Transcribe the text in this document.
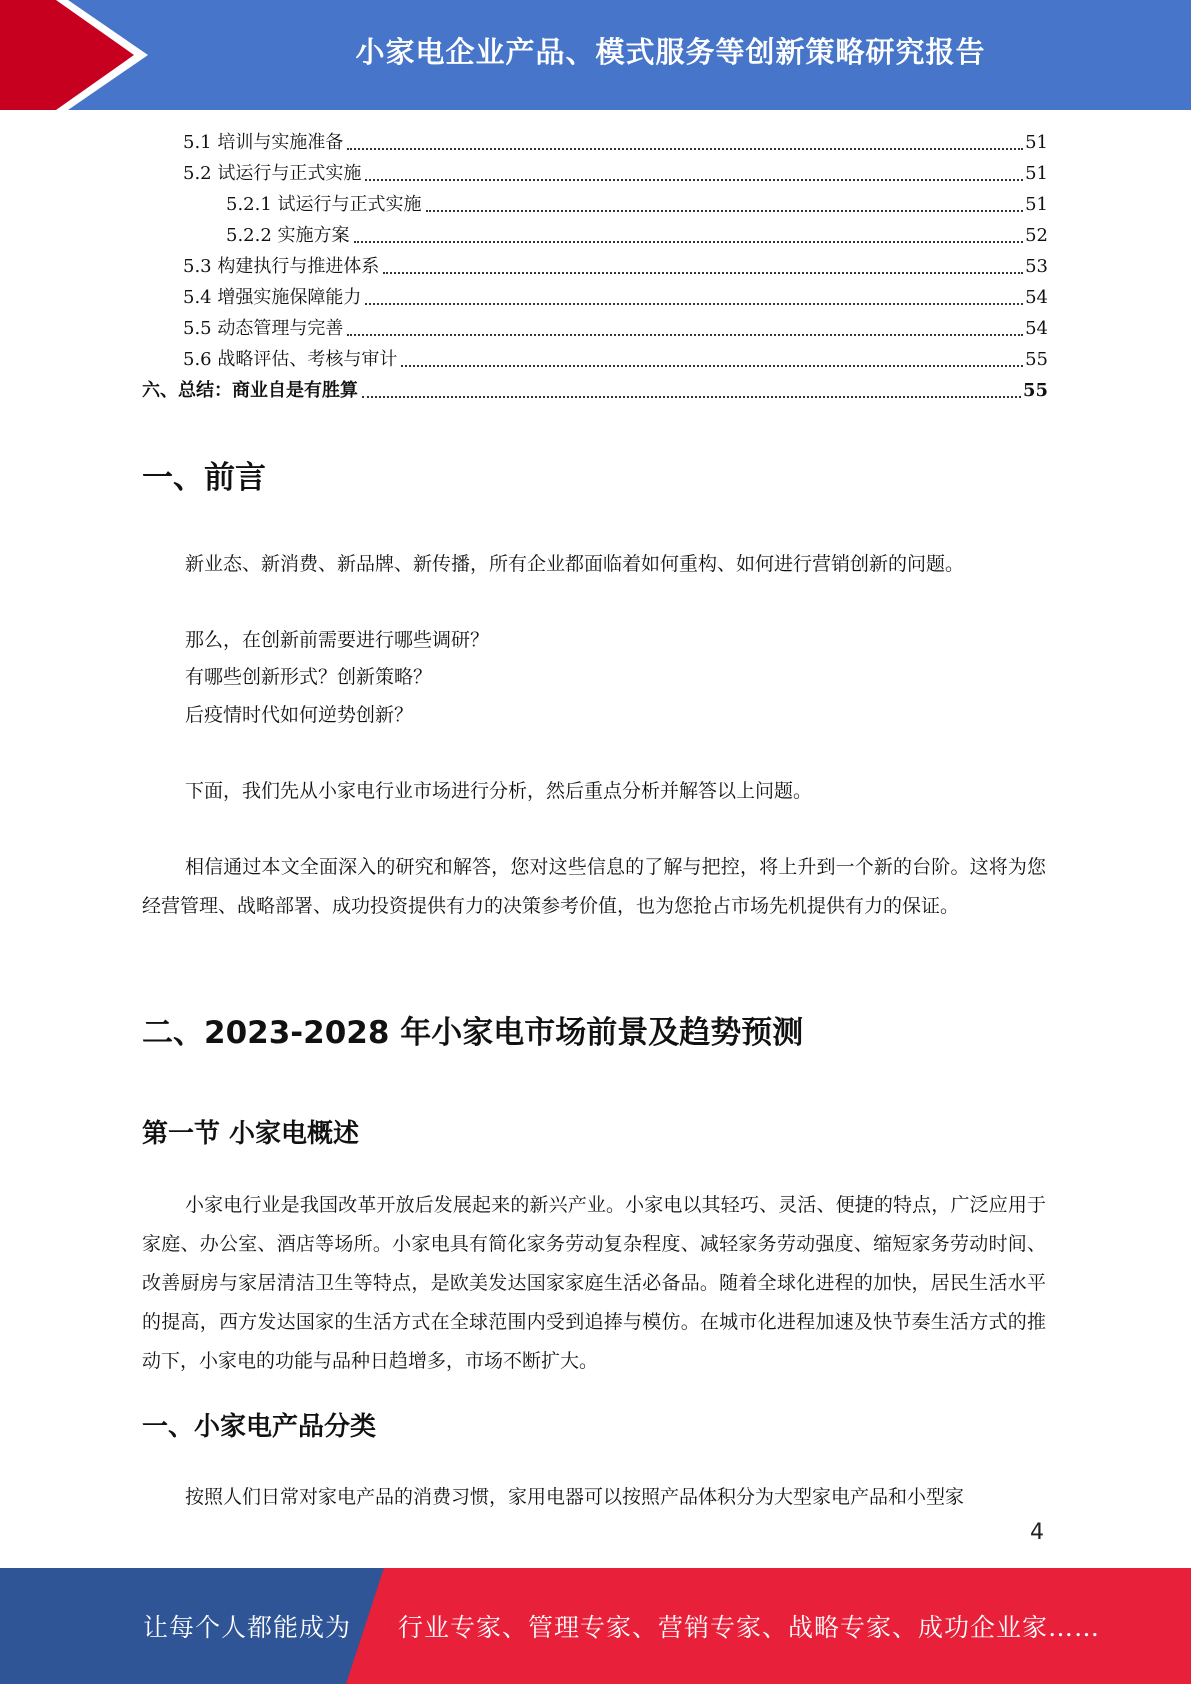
小家电企业产品、模式服务等创新策略研究报告
5.1 培训与实施准备	51
5.2 试运行与正式实施	51
5.2.1 试运行与正式实施	51
5.2.2 实施方案	52
5.3 构建执行与推进体系	53
5.4 增强实施保障能力	54
5.5 动态管理与完善	54
5.6 战略评估、考核与审计	55
六、总结：商业自是有胜算	55
一、前言
新业态、新消费、新品牌、新传播，所有企业都面临着如何重构、如何进行营销创新的问题。
那么，在创新前需要进行哪些调研？
有哪些创新形式？创新策略？
后疫情时代如何逆势创新？
下面，我们先从小家电行业市场进行分析，然后重点分析并解答以上问题。
相信通过本文全面深入的研究和解答，您对这些信息的了解与把控，将上升到一个新的台阶。这将为您经营管理、战略部署、成功投资提供有力的决策参考价值，也为您抢占市场先机提供有力的保证。
二、2023-2028 年小家电市场前景及趋势预测
第一节 小家电概述
小家电行业是我国改革开放后发展起来的新兴产业。小家电以其轻巧、灵活、便捷的特点，广泛应用于家庭、办公室、酒店等场所。小家电具有简化家务劳动复杂程度、减轻家务劳动强度、缩短家务劳动时间、改善厨房与家居清洁卫生等特点，是欧美发达国家家庭生活必备品。随着全球化进程的加快，居民生活水平的提高，西方发达国家的生活方式在全球范围内受到追捧与模仿。在城市化进程加速及快节奏生活方式的推动下，小家电的功能与品种日趋增多，市场不断扩大。
一、小家电产品分类
按照人们日常对家电产品的消费习惯，家用电器可以按照产品体积分为大型家电产品和小型家
4
让每个人都能成为 行业专家、管理专家、营销专家、战略专家、成功企业家……
